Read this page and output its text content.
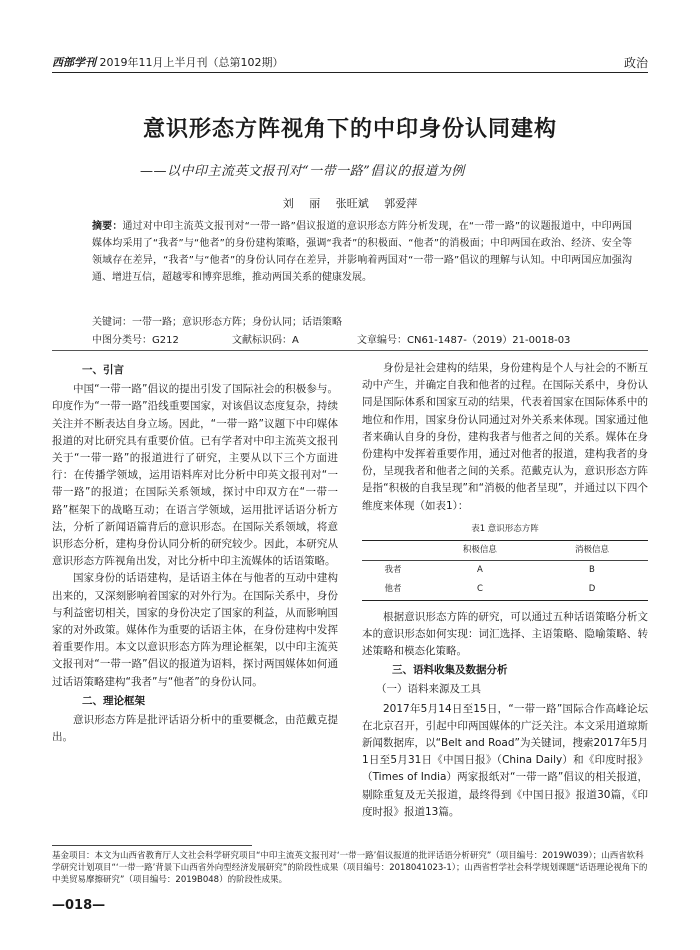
西部学刊 2019年11月上半月刊（总第102期）	政治
意识形态方阵视角下的中印身份认同建构
——以中印主流英文报刊对“一带一路”倡议的报道为例
刘 丽 张旺斌 郭爱萍
摘要：通过对中印主流英文报刊对“一带一路”倡议报道的意识形态方阵分析发现，在“一带一路”的议题报道中，中印两国媒体均采用了“我者”与“他者”的身份建构策略，强调“我者”的积极面、“他者”的消极面；中印两国在政治、经济、安全等领域存在差异，“我者”与“他者”的身份认同存在差异，并影响着两国对“一带一路”倡议的理解与认知。中印两国应加强沟通、增进互信，超越零和博弈思维，推动两国关系的健康发展。
关键词：一带一路；意识形态方阵；身份认同；话语策略
中图分类号：G212	文献标识码：A	文章编号：CN61-1487-（2019）21-0018-03

一、引言

中国“一带一路”倡议的提出引发了国际社会的积极参与。印度作为“一带一路”沿线重要国家，对该倡议态度复杂，持续关注并不断表达自身立场。因此，“一带一路”议题下中印媒体报道的对比研究具有重要价值。已有学者对中印主流英文报刊关于“一带一路”的报道进行了研究，主要从以下三个方面进行：在传播学领域，运用语料库对比分析中印英文报刊对“一带一路”的报道；在国际关系领域，探讨中印双方在“一带一路”框架下的战略互动；在语言学领域，运用批评话语分析方法，分析了新闻语篇背后的意识形态。在国际关系领域，将意识形态分析，建构身份认同分析的研究较少。因此，本研究从意识形态方阵视角出发，对比分析中印主流媒体的话语策略。

国家身份的话语建构，是话语主体在与他者的互动中建构出来的，又深刻影响着国家的对外行为。在国际关系中，身份与利益密切相关，国家的身份决定了国家的利益，从而影响国家的对外政策。媒体作为重要的话语主体，在身份建构中发挥着重要作用。本文以意识形态方阵为理论框架，以中印主流英文报刊对“一带一路”倡议的报道为语料，探讨两国媒体如何通过话语策略建构“我者”与“他者”的身份认同。

二、理论框架

意识形态方阵是批评话语分析中的重要概念，由范戴克提出。

身份是社会建构的结果，身份建构是个人与社会的不断互动中产生，并确定自我和他者的过程。在国际关系中，身份认同是国际体系和国家互动的结果，代表着国家在国际体系中的地位和作用，国家身份认同通过对外关系来体现。国家通过他者来确认自身的身份，建构我者与他者之间的关系。媒体在身份建构中发挥着重要作用，通过对他者的报道，建构我者的身份，呈现我者和他者之间的关系。范戴克认为，意识形态方阵是指“积极的自我呈现”和“消极的他者呈现”，并通过以下四个维度来体现（如表1）：

表1 意识形态方阵
	积极信息	消极信息
我者	A	B
他者	C	D

根据意识形态方阵的研究，可以通过五种话语策略分析文本的意识形态如何实现：词汇选择、主语策略、隐喻策略、转述策略和模态化策略。

三、语料收集及数据分析

（一）语料来源及工具

2017年5月14日至15日，“一带一路”国际合作高峰论坛在北京召开，引起中印两国媒体的广泛关注。本文采用道琼斯新闻数据库，以“Belt and Road”为关键词，搜索2017年5月1日至5月31日《中国日报》（China Daily）和《印度时报》（Times of India）两家报纸对“一带一路”倡议的相关报道，剔除重复及无关报道，最终得到《中国日报》报道30篇，《印度时报》报道13篇。

基金项目：本文为山西省教育厅人文社会科学研究项目“中印主流英文报刊对‘一带一路’倡议报道的批评话语分析研究”（项目编号：2019W039）；山西省软科学研究计划项目“‘一带一路’背景下山西省外向型经济发展研究”的阶段性成果（项目编号：2018041023-1）；山西省哲学社会科学规划课题“话语理论视角下的中美贸易摩擦研究”（项目编号：2019B048）的阶段性成果。
—018—
